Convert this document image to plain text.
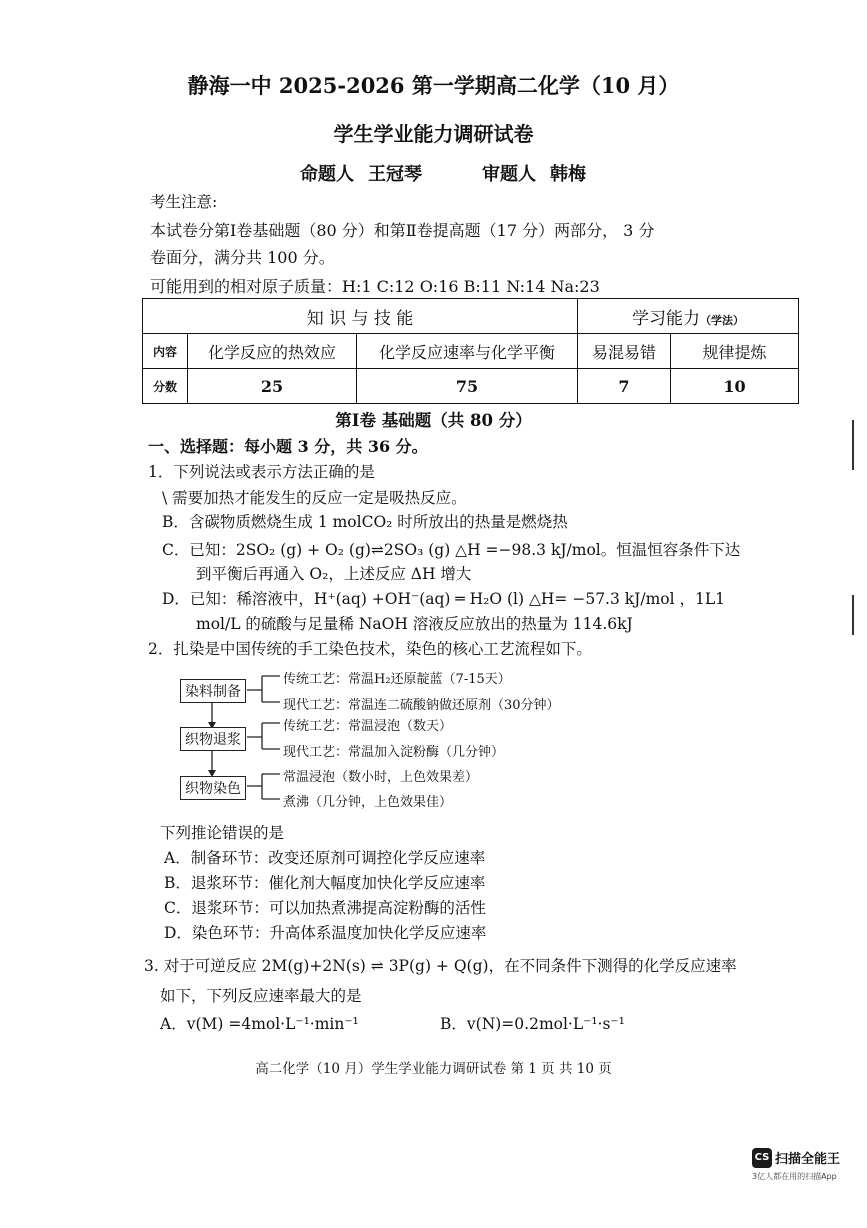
静海一中 2025-2026 第一学期高二化学（10 月）
学生学业能力调研试卷
命题人 王冠琴	审题人 韩梅
考生注意:
本试卷分第Ⅰ卷基础题（80 分）和第Ⅱ卷提高题（17 分）两部分， 3 分
卷面分，满分共 100 分。
可能用到的相对原子质量：H:1 C:12 O:16 B:11 N:14 Na:23
知 识 与 技 能			学习能力（学法）	
内容	化学反应的热效应	化学反应速率与化学平衡	易混易错	规律提炼
分数	25	75	7	10
第Ⅰ卷 基础题（共 80 分）
一、选择题：每小题 3 分，共 36 分。
1．下列说法或表示方法正确的是
\ 需要加热才能发生的反应一定是吸热反应。
B．含碳物质燃烧生成 1 molCO₂ 时所放出的热量是燃烧热
C．已知：2SO₂ (g) + O₂ (g)⇌2SO₃ (g) △H =−98.3 kJ/mol。恒温恒容条件下达
到平衡后再通入 O₂，上述反应 ΔH 增大
D．已知：稀溶液中，H⁺(aq) +OH⁻(aq) ═ H₂O (l) △H= −57.3 kJ/mol ，1L1
mol/L 的硫酸与足量稀 NaOH 溶液反应放出的热量为 114.6kJ
2．扎染是中国传统的手工染色技术，染色的核心工艺流程如下。
染料制备
织物退浆
织物染色
传统工艺：常温H₂还原靛蓝（7-15天）
现代工艺：常温连二硫酸钠做还原剂（30分钟）
传统工艺：常温浸泡（数天）
现代工艺：常温加入淀粉酶（几分钟）
常温浸泡（数小时，上色效果差）
煮沸（几分钟，上色效果佳）
下列推论错误的是
A．制备环节：改变还原剂可调控化学反应速率
B．退浆环节：催化剂大幅度加快化学反应速率
C．退浆环节：可以加热煮沸提高淀粉酶的活性
D．染色环节：升高体系温度加快化学反应速率
3. 对于可逆反应 2M(g)+2N(s) ⇌ 3P(g) + Q(g)，在不同条件下测得的化学反应速率
如下，下列反应速率最大的是
A．v(M) =4mol·L⁻¹·min⁻¹	B．v(N)=0.2mol·L⁻¹·s⁻¹
高二化学（10 月）学生学业能力调研试卷 第 1 页 共 10 页
CS 扫描全能王
3亿人都在用的扫描App
